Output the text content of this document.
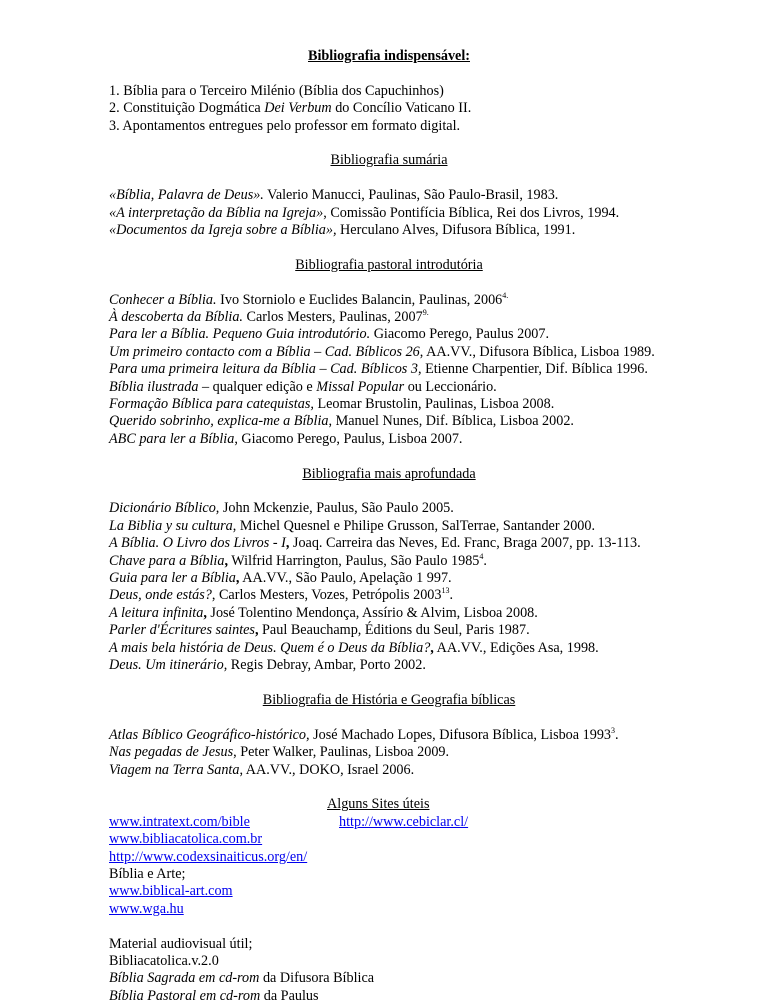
Bibliografia indispensável:

1. Bíblia para o Terceiro Milénio (Bíblia dos Capuchinhos)

2. Constituição Dogmática Dei Verbum do Concílio Vaticano II.

3. Apontamentos entregues pelo professor em formato digital.

Bibliografia sumária

«Bíblia, Palavra de Deus». Valerio Manucci, Paulinas, São Paulo-Brasil, 1983.

«A interpretação da Bíblia na Igreja», Comissão Pontifícia Bíblica, Rei dos Livros, 1994.

«Documentos da Igreja sobre a Bíblia», Herculano Alves, Difusora Bíblica, 1991.

Bibliografia pastoral introdutória

Conhecer a Bíblia. Ivo Storniolo e Euclides Balancin, Paulinas, $2006^{4.}$

À descoberta da Bíblia. Carlos Mesters, Paulinas, $2007^{9.}$

Para ler a Bíblia. Pequeno Guia introdutório. Giacomo Perego, Paulus 2007.

Um primeiro contacto com a Bíblia – Cad. Bíblicos 26, AA.VV., Difusora Bíblica, Lisboa 1989.

Para uma primeira leitura da Bíblia – Cad. Bíblicos 3, Etienne Charpentier, Dif. Bíblica 1996.

Bíblia ilustrada – qualquer edição e Missal Popular ou Leccionário.

Formação Bíblica para catequistas, Leomar Brustolin, Paulinas, Lisboa 2008.

Querido sobrinho, explica-me a Bíblia, Manuel Nunes, Dif. Bíblica, Lisboa 2002.

ABC para ler a Bíblia, Giacomo Perego, Paulus, Lisboa 2007.

Bibliografia mais aprofundada

Dicionário Bíblico, John Mckenzie, Paulus, São Paulo 2005.

La Biblia y su cultura, Michel Quesnel e Philipe Grusson, SalTerrae, Santander 2000.

A Bíblia. O Livro dos Livros - I, Joaq. Carreira das Neves, Ed. Franc, Braga 2007, pp. 13-113.

Chave para a Bíblia, Wilfrid Harrington, Paulus, São Paulo 1985$^4$.

Guia para ler a Bíblia, AA.VV., São Paulo, Apelação 1 997.

Deus, onde estás?, Carlos Mesters, Vozes, Petrópolis 2003$^{13}$.

A leitura infinita, José Tolentino Mendonça, Assírio & Alvim, Lisboa 2008.

Parler d'Écritures saintes, Paul Beauchamp, Éditions du Seul, Paris 1987.

A mais bela história de Deus. Quem é o Deus da Bíblia?, AA.VV., Edições Asa, 1998.

Deus. Um itinerário, Regis Debray, Ambar, Porto 2002.

Bibliografia de História e Geografia bíblicas

Atlas Bíblico Geográfico-histórico, José Machado Lopes, Difusora Bíblica, Lisboa 1993$^3$.

Nas pegadas de Jesus, Peter Walker, Paulinas, Lisboa 2009.

Viagem na Terra Santa, AA.VV., DOKO, Israel 2006.

Alguns Sites úteis
www.intratext.com/bible	http://www.cebiclar.cl/

www.bibliacatolica.com.br

http://www.codexsinaiticus.org/en/

Bíblia e Arte;

www.biblical-art.com

www.wga.hu

Material audiovisual útil;

Bibliacatolica.v.2.0

Bíblia Sagrada em cd-rom da Difusora Bíblica

Bíblia Pastoral em cd-rom da Paulus
